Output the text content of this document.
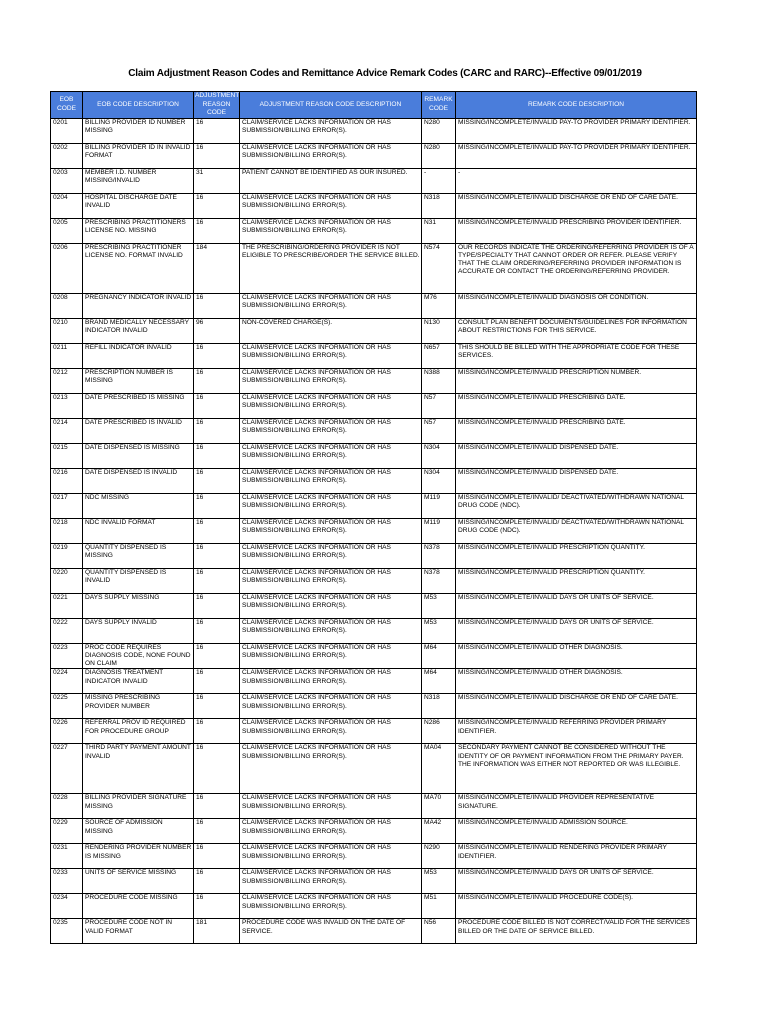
Claim Adjustment Reason Codes and Remittance Advice Remark Codes (CARC and RARC)--Effective 09/01/2019
EOB CODE	EOB CODE DESCRIPTION	ADJUSTMENT REASON CODE	ADJUSTMENT REASON CODE DESCRIPTION	REMARK CODE	REMARK CODE DESCRIPTION
0201	BILLING PROVIDER ID NUMBER MISSING	16	CLAIM/SERVICE LACKS INFORMATION OR HAS SUBMISSION/BILLING ERROR(S).	N280	MISSING/INCOMPLETE/INVALID PAY-TO PROVIDER PRIMARY IDENTIFIER.
0202	BILLING PROVIDER ID IN INVALID FORMAT	16	CLAIM/SERVICE LACKS INFORMATION OR HAS SUBMISSION/BILLING ERROR(S).	N280	MISSING/INCOMPLETE/INVALID PAY-TO PROVIDER PRIMARY IDENTIFIER.
0203	MEMBER I.D. NUMBER MISSING/INVALID	31	PATIENT CANNOT BE IDENTIFIED AS OUR INSURED.	-	-
0204	HOSPITAL DISCHARGE DATE INVALID	16	CLAIM/SERVICE LACKS INFORMATION OR HAS SUBMISSION/BILLING ERROR(S).	N318	MISSING/INCOMPLETE/INVALID DISCHARGE OR END OF CARE DATE.
0205	PRESCRIBING PRACTITIONERS LICENSE NO. MISSING	16	CLAIM/SERVICE LACKS INFORMATION OR HAS SUBMISSION/BILLING ERROR(S).	N31	MISSING/INCOMPLETE/INVALID PRESCRIBING PROVIDER IDENTIFIER.
0206	PRESCRIBING PRACTITIONER LICENSE NO. FORMAT INVALID	184	THE PRESCRIBING/ORDERING PROVIDER IS NOT ELIGIBLE TO PRESCRIBE/ORDER THE SERVICE BILLED.	N574	OUR RECORDS INDICATE THE ORDERING/REFERRING PROVIDER IS OF A TYPE/SPECIALTY THAT CANNOT ORDER OR REFER. PLEASE VERIFY THAT THE CLAIM ORDERING/REFERRING PROVIDER INFORMATION IS ACCURATE OR CONTACT THE ORDERING/REFERRING PROVIDER.
0208	PREGNANCY INDICATOR INVALID	16	CLAIM/SERVICE LACKS INFORMATION OR HAS SUBMISSION/BILLING ERROR(S).	M76	MISSING/INCOMPLETE/INVALID DIAGNOSIS OR CONDITION.
0210	BRAND MEDICALLY NECESSARY INDICATOR INVALID	96	NON-COVERED CHARGE(S).	N130	CONSULT PLAN BENEFIT DOCUMENTS/GUIDELINES FOR INFORMATION ABOUT RESTRICTIONS FOR THIS SERVICE.
0211	REFILL INDICATOR INVALID	16	CLAIM/SERVICE LACKS INFORMATION OR HAS SUBMISSION/BILLING ERROR(S).	N657	THIS SHOULD BE BILLED WITH THE APPROPRIATE CODE FOR THESE SERVICES.
0212	PRESCRIPTION NUMBER IS MISSING	16	CLAIM/SERVICE LACKS INFORMATION OR HAS SUBMISSION/BILLING ERROR(S).	N388	MISSING/INCOMPLETE/INVALID PRESCRIPTION NUMBER.
0213	DATE PRESCRIBED IS MISSING	16	CLAIM/SERVICE LACKS INFORMATION OR HAS SUBMISSION/BILLING ERROR(S).	N57	MISSING/INCOMPLETE/INVALID PRESCRIBING DATE.
0214	DATE PRESCRIBED IS INVALID	16	CLAIM/SERVICE LACKS INFORMATION OR HAS SUBMISSION/BILLING ERROR(S).	N57	MISSING/INCOMPLETE/INVALID PRESCRIBING DATE.
0215	DATE DISPENSED IS MISSING	16	CLAIM/SERVICE LACKS INFORMATION OR HAS SUBMISSION/BILLING ERROR(S).	N304	MISSING/INCOMPLETE/INVALID DISPENSED DATE.
0216	DATE DISPENSED IS INVALID	16	CLAIM/SERVICE LACKS INFORMATION OR HAS SUBMISSION/BILLING ERROR(S).	N304	MISSING/INCOMPLETE/INVALID DISPENSED DATE.
0217	NDC MISSING	16	CLAIM/SERVICE LACKS INFORMATION OR HAS SUBMISSION/BILLING ERROR(S).	M119	MISSING/INCOMPLETE/INVALID/ DEACTIVATED/WITHDRAWN NATIONAL DRUG CODE (NDC).
0218	NDC INVALID FORMAT	16	CLAIM/SERVICE LACKS INFORMATION OR HAS SUBMISSION/BILLING ERROR(S).	M119	MISSING/INCOMPLETE/INVALID/ DEACTIVATED/WITHDRAWN NATIONAL DRUG CODE (NDC).
0219	QUANTITY DISPENSED IS MISSING	16	CLAIM/SERVICE LACKS INFORMATION OR HAS SUBMISSION/BILLING ERROR(S).	N378	MISSING/INCOMPLETE/INVALID PRESCRIPTION QUANTITY.
0220	QUANTITY DISPENSED IS INVALID	16	CLAIM/SERVICE LACKS INFORMATION OR HAS SUBMISSION/BILLING ERROR(S).	N378	MISSING/INCOMPLETE/INVALID PRESCRIPTION QUANTITY.
0221	DAYS SUPPLY MISSING	16	CLAIM/SERVICE LACKS INFORMATION OR HAS SUBMISSION/BILLING ERROR(S).	M53	MISSING/INCOMPLETE/INVALID DAYS OR UNITS OF SERVICE.
0222	DAYS SUPPLY INVALID	16	CLAIM/SERVICE LACKS INFORMATION OR HAS SUBMISSION/BILLING ERROR(S).	M53	MISSING/INCOMPLETE/INVALID DAYS OR UNITS OF SERVICE.
0223	PROC CODE REQUIRES DIAGNOSIS CODE, NONE FOUND ON CLAIM	16	CLAIM/SERVICE LACKS INFORMATION OR HAS SUBMISSION/BILLING ERROR(S).	M64	MISSING/INCOMPLETE/INVALID OTHER DIAGNOSIS.
0224	DIAGNOSIS TREATMENT INDICATOR INVALID	16	CLAIM/SERVICE LACKS INFORMATION OR HAS SUBMISSION/BILLING ERROR(S).	M64	MISSING/INCOMPLETE/INVALID OTHER DIAGNOSIS.
0225	MISSING PRESCRIBING PROVIDER NUMBER	16	CLAIM/SERVICE LACKS INFORMATION OR HAS SUBMISSION/BILLING ERROR(S).	N318	MISSING/INCOMPLETE/INVALID DISCHARGE OR END OF CARE DATE.
0226	REFERRAL PROV ID REQUIRED FOR PROCEDURE GROUP	16	CLAIM/SERVICE LACKS INFORMATION OR HAS SUBMISSION/BILLING ERROR(S).	N286	MISSING/INCOMPLETE/INVALID REFERRING PROVIDER PRIMARY IDENTIFIER.
0227	THIRD PARTY PAYMENT AMOUNT INVALID	16	CLAIM/SERVICE LACKS INFORMATION OR HAS SUBMISSION/BILLING ERROR(S).	MA04	SECONDARY PAYMENT CANNOT BE CONSIDERED WITHOUT THE IDENTITY OF OR PAYMENT INFORMATION FROM THE PRIMARY PAYER. THE INFORMATION WAS EITHER NOT REPORTED OR WAS ILLEGIBLE.
0228	BILLING PROVIDER SIGNATURE MISSING	16	CLAIM/SERVICE LACKS INFORMATION OR HAS SUBMISSION/BILLING ERROR(S).	MA70	MISSING/INCOMPLETE/INVALID PROVIDER REPRESENTATIVE SIGNATURE.
0229	SOURCE OF ADMISSION MISSING	16	CLAIM/SERVICE LACKS INFORMATION OR HAS SUBMISSION/BILLING ERROR(S).	MA42	MISSING/INCOMPLETE/INVALID ADMISSION SOURCE.
0231	RENDERING PROVIDER NUMBER IS MISSING	16	CLAIM/SERVICE LACKS INFORMATION OR HAS SUBMISSION/BILLING ERROR(S).	N290	MISSING/INCOMPLETE/INVALID RENDERING PROVIDER PRIMARY IDENTIFIER.
0233	UNITS OF SERVICE MISSING	16	CLAIM/SERVICE LACKS INFORMATION OR HAS SUBMISSION/BILLING ERROR(S).	M53	MISSING/INCOMPLETE/INVALID DAYS OR UNITS OF SERVICE.
0234	PROCEDURE CODE MISSING	16	CLAIM/SERVICE LACKS INFORMATION OR HAS SUBMISSION/BILLING ERROR(S).	M51	MISSING/INCOMPLETE/INVALID PROCEDURE CODE(S).
0235	PROCEDURE CODE NOT IN VALID FORMAT	181	PROCEDURE CODE WAS INVALID ON THE DATE OF SERVICE.	N56	PROCEDURE CODE BILLED IS NOT CORRECT/VALID FOR THE SERVICES BILLED OR THE DATE OF SERVICE BILLED.
